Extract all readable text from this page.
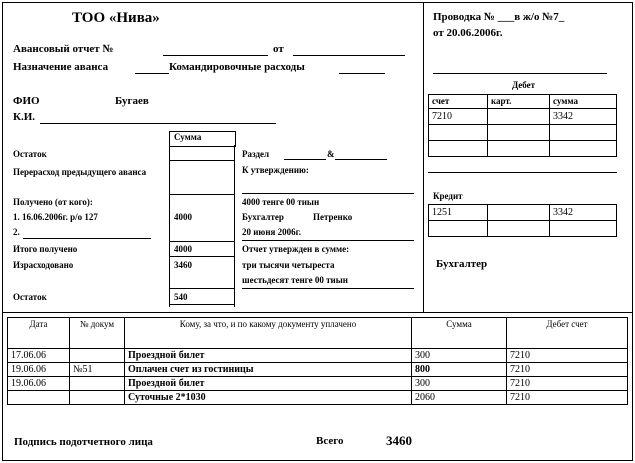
ТОО «Нива»
Авансовый отчет №	от
Назначение аванса	Командировочные расходы
ФИО	Бугаев
К.И.
Сумма
Остаток
Перерасход предыдущего аванса
Получено (от кого):
1. 16.06.2006г. р/о 127	4000
2.
Итого получено	4000
Израсходовано	3460
Остаток	540
Раздел	&
К утверждению:
4000 тенге 00 тиын
Бухгалтер	Петренко
20 июня 2006г.
Отчет утвержден в сумме:
три тысячи четыреста
шестьдесят тенге 00 тиын
Проводка № ___в ж/о №7_
от 20.06.2006г.
Дебет
счет	карт.	сумма
7210		3342

Кредит
1251		3342

Бухгалтер
Дата	№ докум	Кому, за что, и по какому документу уплачено	Сумма	Дебет счет
17.06.06		Проездной билет	300	7210
19.06.06	№51	Оплачен счет из гостиницы	800	7210
19.06.06		Проездной билет	300	7210
		Суточные 2*1030	2060	7210
Подпись подотчетного лица	Всего	3460
